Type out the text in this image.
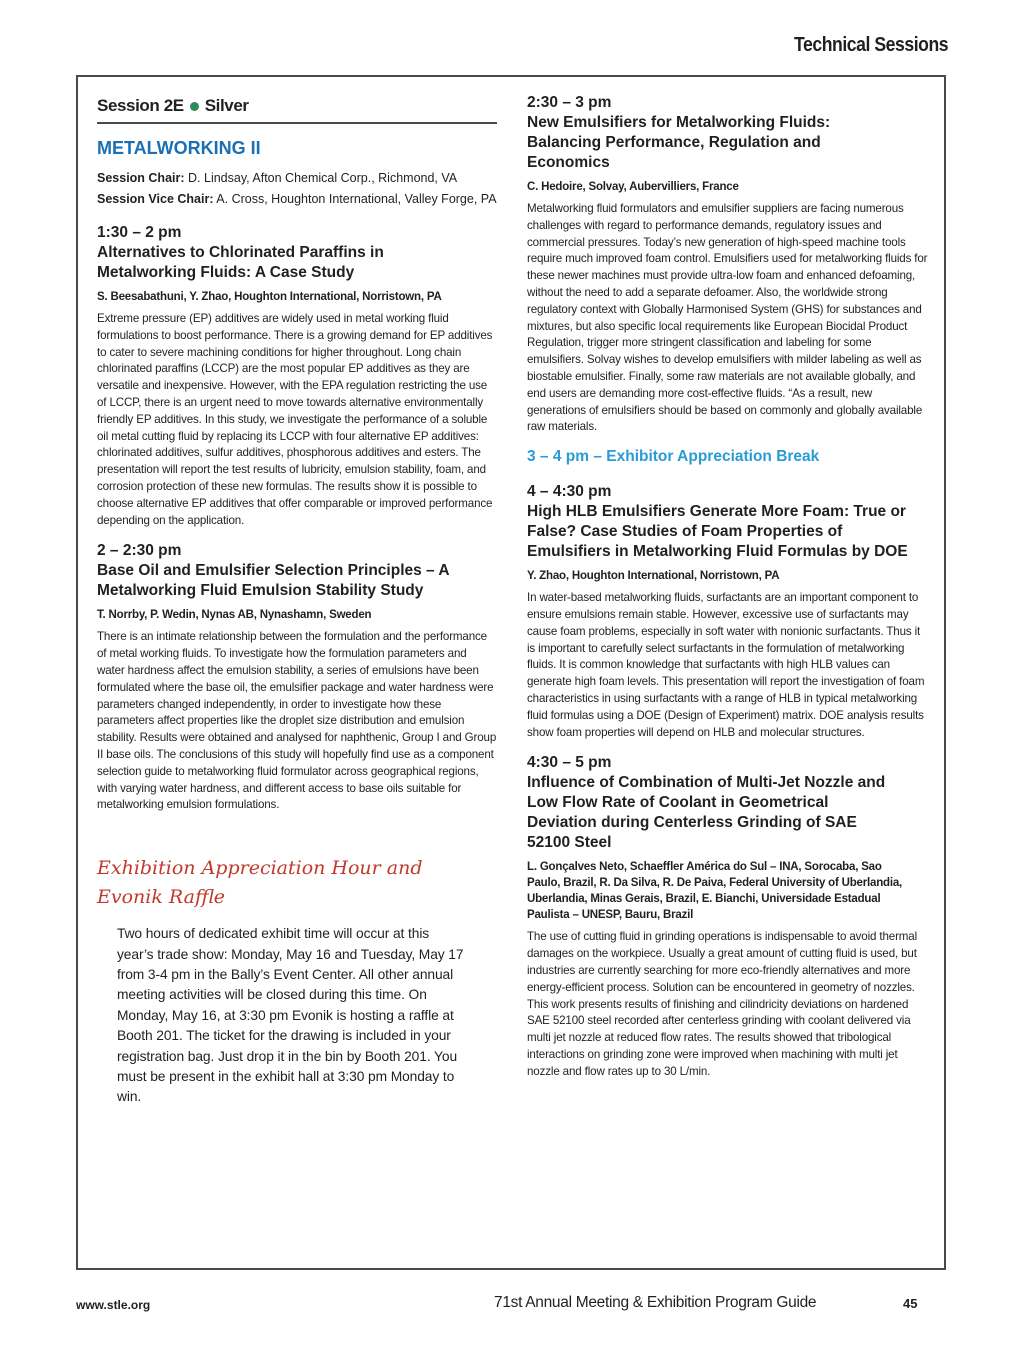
Technical Sessions
Session 2E Silver
METALWORKING II
Session Chair: D. Lindsay, Afton Chemical Corp., Richmond, VA
Session Vice Chair: A. Cross, Houghton International, Valley Forge, PA
1:30 – 2 pm
Alternatives to Chlorinated Paraffins in Metalworking Fluids: A Case Study
S. Beesabathuni, Y. Zhao, Houghton International, Norristown, PA
Extreme pressure (EP) additives are widely used in metal working fluid formulations to boost performance. There is a growing demand for EP additives to cater to severe machining conditions for higher throughout. Long chain chlorinated paraffins (LCCP) are the most popular EP additives as they are versatile and inexpensive. However, with the EPA regulation restricting the use of LCCP, there is an urgent need to move towards alternative environmentally friendly EP additives. In this study, we investigate the performance of a soluble oil metal cutting fluid by replacing its LCCP with four alternative EP additives: chlorinated additives, sulfur additives, phosphorous additives and esters. The presentation will report the test results of lubricity, emulsion stability, foam, and corrosion protection of these new formulas. The results show it is possible to choose alternative EP additives that offer comparable or improved performance depending on the application.
2 – 2:30 pm
Base Oil and Emulsifier Selection Principles – A Metalworking Fluid Emulsion Stability Study
T. Norrby, P. Wedin, Nynas AB, Nynashamn, Sweden
There is an intimate relationship between the formulation and the performance of metal working fluids. To investigate how the formulation parameters and water hardness affect the emulsion stability, a series of emulsions have been formulated where the base oil, the emulsifier package and water hardness were parameters changed independently, in order to investigate how these parameters affect properties like the droplet size distribution and emulsion stability. Results were obtained and analysed for naphthenic, Group I and Group II base oils. The conclusions of this study will hopefully find use as a component selection guide to metalworking fluid formulator across geographical regions, with varying water hardness, and different access to base oils suitable for metalworking emulsion formulations.
Exhibition Appreciation Hour and Evonik Raffle
Two hours of dedicated exhibit time will occur at this year’s trade show: Monday, May 16 and Tuesday, May 17 from 3-4 pm in the Bally’s Event Center. All other annual meeting activities will be closed during this time. On Monday, May 16, at 3:30 pm Evonik is hosting a raffle at Booth 201. The ticket for the drawing is included in your registration bag. Just drop it in the bin by Booth 201. You must be present in the exhibit hall at 3:30 pm Monday to win.
2:30 – 3 pm
New Emulsifiers for Metalworking Fluids: Balancing Performance, Regulation and Economics
C. Hedoire, Solvay, Aubervilliers, France
Metalworking fluid formulators and emulsifier suppliers are facing numerous challenges with regard to performance demands, regulatory issues and commercial pressures. Today’s new generation of high-speed machine tools require much improved foam control. Emulsifiers used for metalworking fluids for these newer machines must provide ultra-low foam and enhanced defoaming, without the need to add a separate defoamer. Also, the worldwide strong regulatory context with Globally Harmonised System (GHS) for substances and mixtures, but also specific local requirements like European Biocidal Product Regulation, trigger more stringent classification and labeling for some emulsifiers. Solvay wishes to develop emulsifiers with milder labeling as well as biostable emulsifier. Finally, some raw materials are not available globally, and end users are demanding more cost-effective fluids. “As a result, new generations of emulsifiers should be based on commonly and globally available raw materials.
3 – 4 pm – Exhibitor Appreciation Break
4 – 4:30 pm
High HLB Emulsifiers Generate More Foam: True or False? Case Studies of Foam Properties of Emulsifiers in Metalworking Fluid Formulas by DOE
Y. Zhao, Houghton International, Norristown, PA
In water-based metalworking fluids, surfactants are an important component to ensure emulsions remain stable. However, excessive use of surfactants may cause foam problems, especially in soft water with nonionic surfactants. Thus it is important to carefully select surfactants in the formulation of metalworking fluids. It is common knowledge that surfactants with high HLB values can generate high foam levels. This presentation will report the investigation of foam characteristics in using surfactants with a range of HLB in typical metalworking fluid formulas using a DOE (Design of Experiment) matrix. DOE analysis results show foam properties will depend on HLB and molecular structures.
4:30 – 5 pm
Influence of Combination of Multi-Jet Nozzle and Low Flow Rate of Coolant in Geometrical Deviation during Centerless Grinding of SAE 52100 Steel
L. Gonçalves Neto, Schaeffler América do Sul – INA, Sorocaba, Sao Paulo, Brazil, R. Da Silva, R. De Paiva, Federal University of Uberlandia, Uberlandia, Minas Gerais, Brazil, E. Bianchi, Universidade Estadual Paulista – UNESP, Bauru, Brazil
The use of cutting fluid in grinding operations is indispensable to avoid thermal damages on the workpiece. Usually a great amount of cutting fluid is used, but industries are currently searching for more eco-friendly alternatives and more energy-efficient process. Solution can be encountered in geometry of nozzles. This work presents results of finishing and cilindricity deviations on hardened SAE 52100 steel recorded after centerless grinding with coolant delivered via multi jet nozzle at reduced flow rates. The results showed that tribological interactions on grinding zone were improved when machining with multi jet nozzle and flow rates up to 30 L/min.
www.stle.org	71st Annual Meeting & Exhibition Program Guide	45
